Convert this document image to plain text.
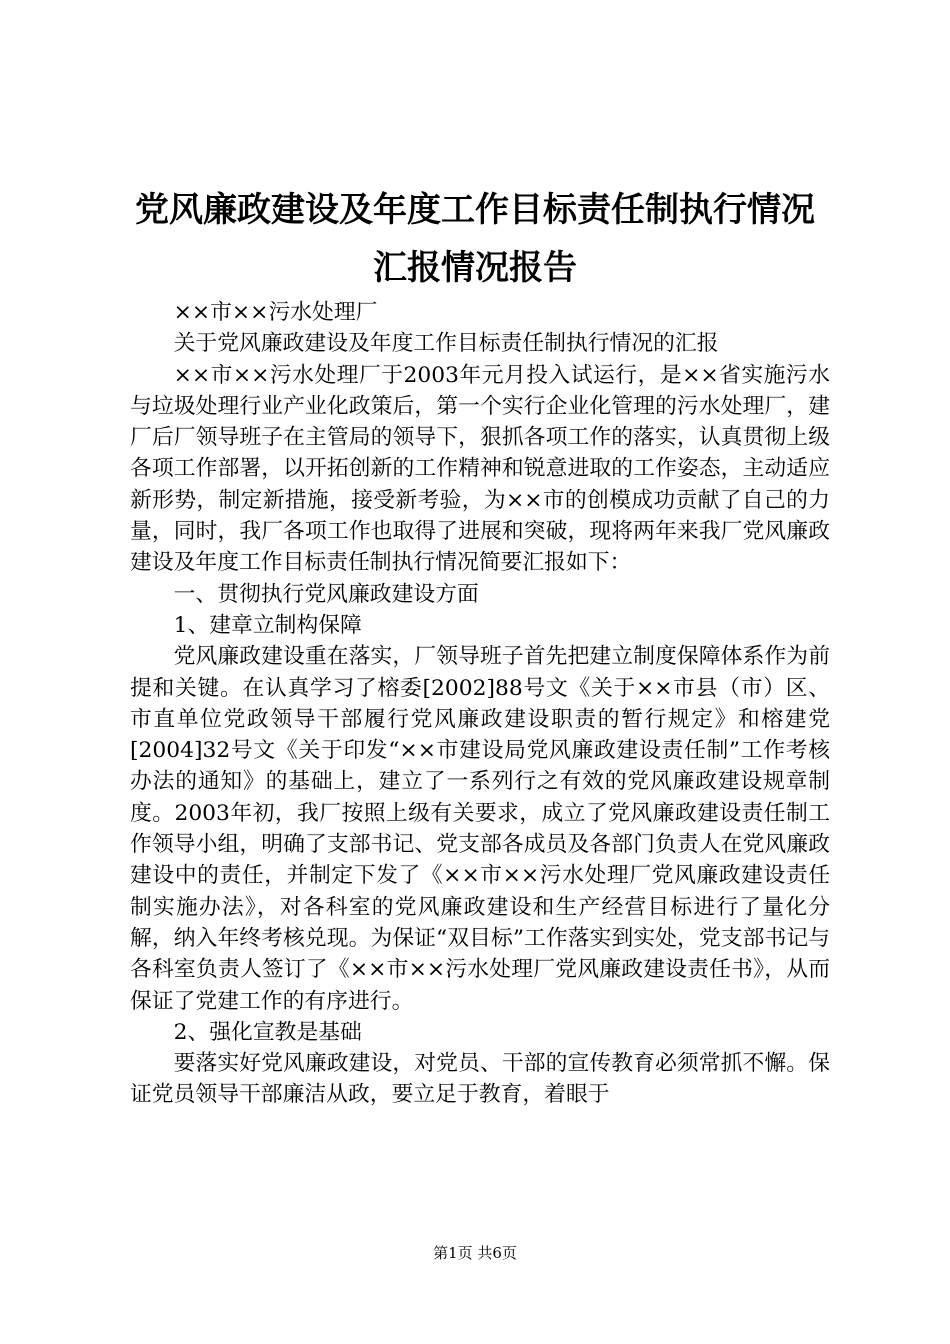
党风廉政建设及年度工作目标责任制执行情况
汇报情况报告

××市××污水处理厂

关于党风廉政建设及年度工作目标责任制执行情况的汇报

××市××污水处理厂于2003年元月投入试运行，是××省实施污水与垃圾处理行业产业化政策后，第一个实行企业化管理的污水处理厂，建厂后厂领导班子在主管局的领导下，狠抓各项工作的落实，认真贯彻上级各项工作部署，以开拓创新的工作精神和锐意进取的工作姿态，主动适应新形势，制定新措施，接受新考验，为××市的创模成功贡献了自己的力量，同时，我厂各项工作也取得了进展和突破，现将两年来我厂党风廉政建设及年度工作目标责任制执行情况简要汇报如下：

一、贯彻执行党风廉政建设方面

1、建章立制构保障

党风廉政建设重在落实，厂领导班子首先把建立制度保障体系作为前提和关键。在认真学习了榕委[2002]88号文《关于××市县（市）区、市直单位党政领导干部履行党风廉政建设职责的暂行规定》和榕建党[2004]32号文《关于印发“××市建设局党风廉政建设责任制”工作考核办法的通知》的基础上，建立了一系列行之有效的党风廉政建设规章制度。2003年初，我厂按照上级有关要求，成立了党风廉政建设责任制工作领导小组，明确了支部书记、党支部各成员及各部门负责人在党风廉政建设中的责任，并制定下发了《××市××污水处理厂党风廉政建设责任制实施办法》，对各科室的党风廉政建设和生产经营目标进行了量化分解，纳入年终考核兑现。为保证“双目标”工作落实到实处，党支部书记与各科室负责人签订了《××市××污水处理厂党风廉政建设责任书》，从而保证了党建工作的有序进行。

2、强化宣教是基础

要落实好党风廉政建设，对党员、干部的宣传教育必须常抓不懈。保证党员领导干部廉洁从政，要立足于教育，着眼于

第1页 共6页
